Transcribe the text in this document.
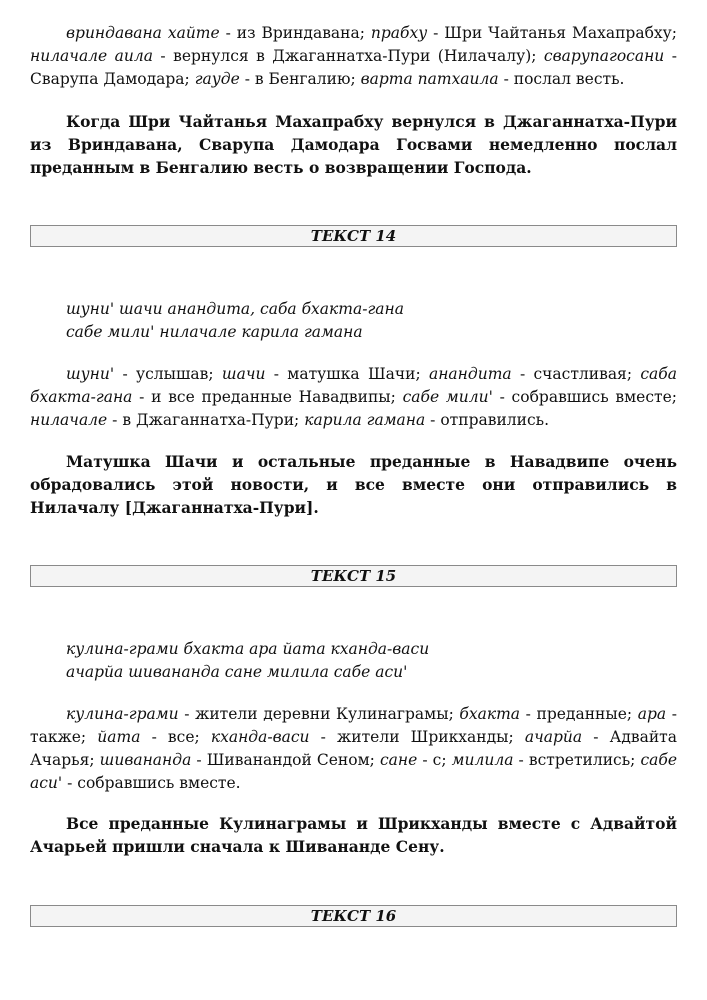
вриндавана хайте - из Вриндавана; прабху - Шри Чайтанья Махапрабху; нилачале аила - вернулся в Джаганнатха-Пури (Нилачалу); сварупагосани - Сварупа Дамодара; гауде - в Бенгалию; варта патхаила - послал весть.

Когда Шри Чайтанья Махапрабху вернулся в Джаганнатха-Пури из Вриндавана, Сварупа Дамодара Госвами немедленно послал преданным в Бенгалию весть о возвращении Господа.

ТЕКСТ 14
шуни' шачи анандита, саба бхакта-гана
сабе мили' нилачале карила гамана

шуни' - услышав; шачи - матушка Шачи; анандита - счастливая; саба бхакта-гана - и все преданные Навадвипы; сабе мили' - собравшись вместе; нилачале - в Джаганнатха-Пури; карила гамана - отправились.

Матушка Шачи и остальные преданные в Навадвипе очень обрадовались этой новости, и все вместе они отправились в Нилачалу [Джаганнатха-Пури].

ТЕКСТ 15
кулина-грами бхакта ара йата кханда-васи
ачарйа шивананда сане милила сабе аси'

кулина-грами - жители деревни Кулинаграмы; бхакта - преданные; ара - также; йата - все; кханда-васи - жители Шрикханды; ачарйа - Адвайта Ачарья; шивананда - Шиванандой Сеном; сане - с; милила - встретились; сабе аси' - собравшись вместе.

Все преданные Кулинаграмы и Шрикханды вместе с Адвайтой Ачарьей пришли сначала к Шивананде Сену.

ТЕКСТ 16
